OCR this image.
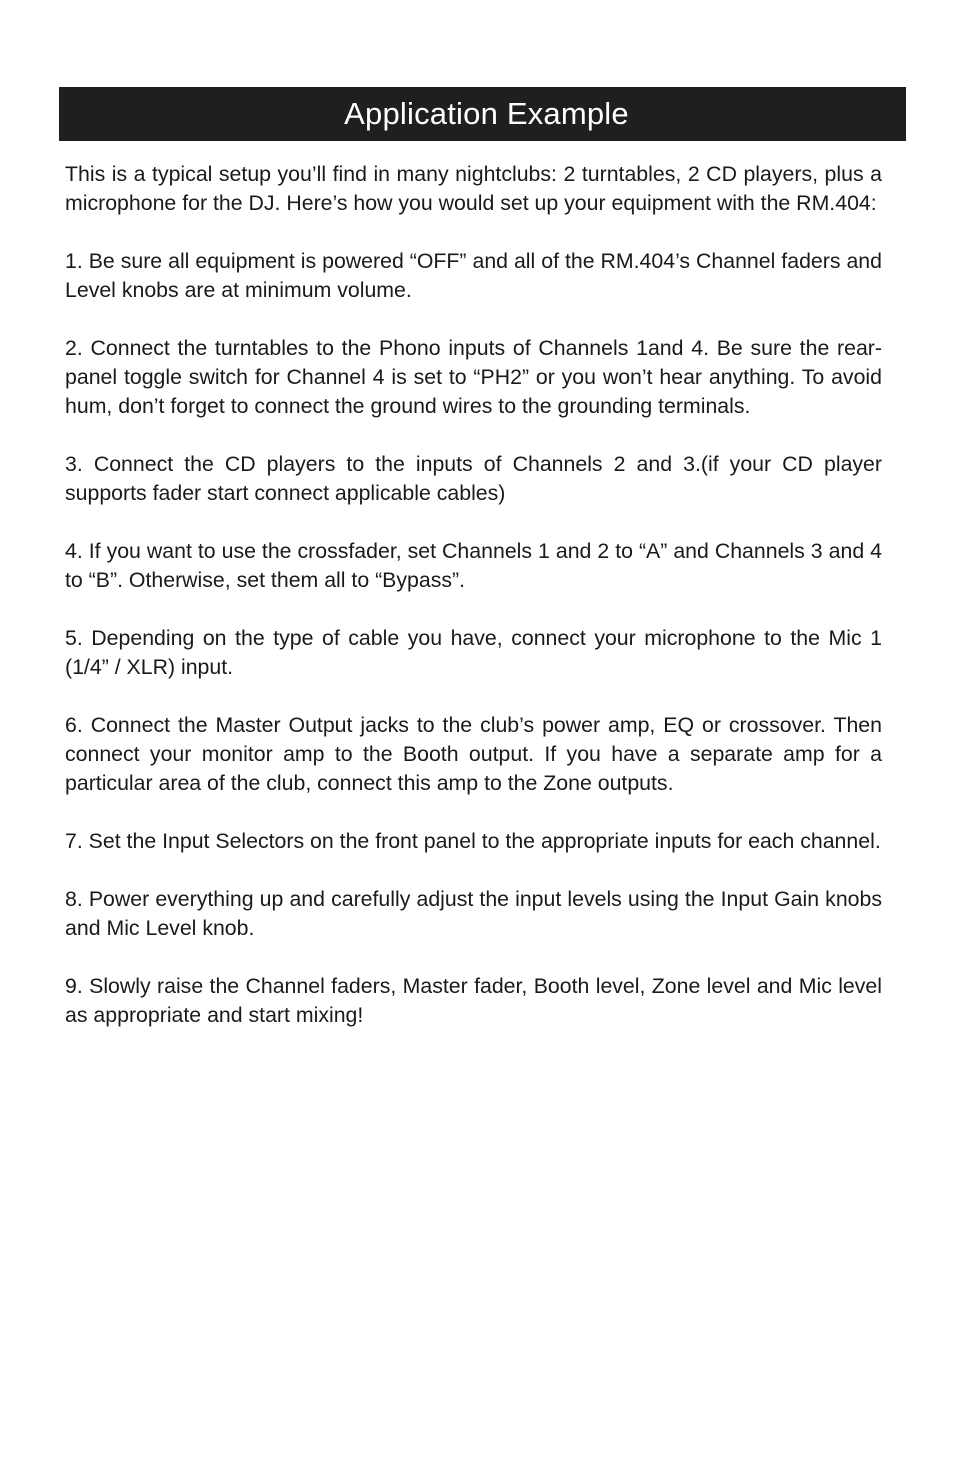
Application Example

This is a typical setup you’ll find in many nightclubs: 2 turntables, 2 CD players, plus a microphone for the DJ. Here’s how you would set up your equipment with the RM.404:

1. Be sure all equipment is powered “OFF” and all of the RM.404’s Channel faders and Level knobs are at minimum volume.

2. Connect the turntables to the Phono inputs of Channels 1and 4. Be sure the rear-panel toggle switch for Channel 4 is set to “PH2” or you won’t hear anything. To avoid hum, don’t forget to connect the ground wires to the grounding terminals.

3. Connect the CD players to the inputs of Channels 2 and 3.(if your CD player supports fader start connect applicable cables)

4. If you want to use the crossfader, set Channels 1 and 2 to “A” and Channels 3 and 4 to “B”. Otherwise, set them all to “Bypass”.

5. Depending on the type of cable you have, connect your microphone to the Mic 1 (1/4” / XLR) input.

6. Connect the Master Output jacks to the club’s power amp, EQ or crossover. Then connect your monitor amp to the Booth output. If you have a separate amp for a particular area of the club, connect this amp to the Zone outputs.

7. Set the Input Selectors on the front panel to the appropriate inputs for each channel.

8. Power everything up and carefully adjust the input levels using the Input Gain knobs and Mic Level knob.

9. Slowly raise the Channel faders, Master fader, Booth level, Zone level and Mic level as appropriate and start mixing!
